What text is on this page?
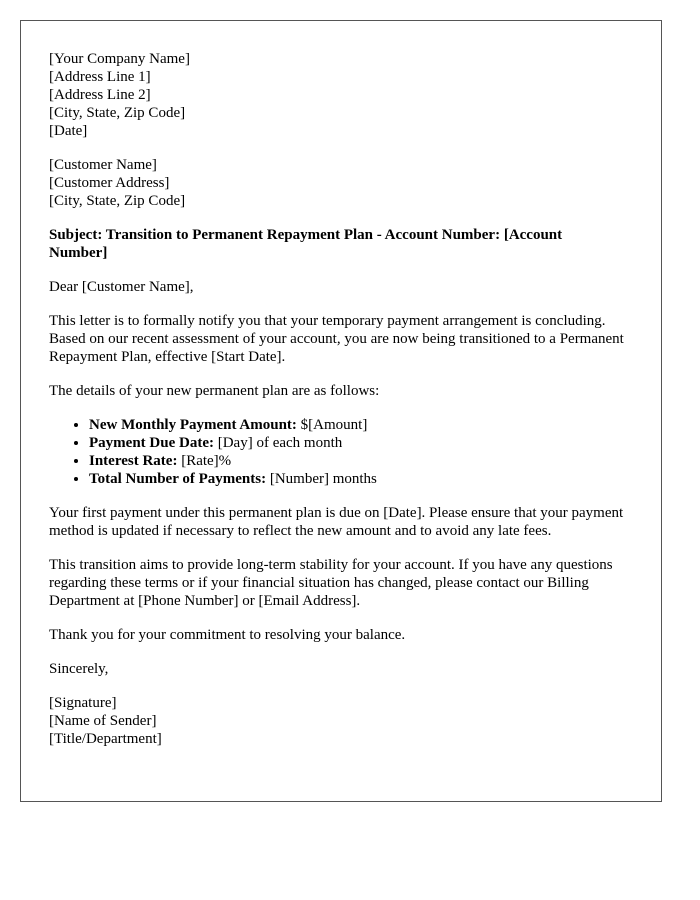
[Your Company Name]
[Address Line 1]
[Address Line 2]
[City, State, Zip Code]
[Date]
[Customer Name]
[Customer Address]
[City, State, Zip Code]
Subject: Transition to Permanent Repayment Plan - Account Number: [Account Number]

Dear [Customer Name],

This letter is to formally notify you that your temporary payment arrangement is concluding. Based on our recent assessment of your account, you are now being transitioned to a Permanent Repayment Plan, effective [Start Date].

The details of your new permanent plan are as follows:

• New Monthly Payment Amount: $[Amount]
• Payment Due Date: [Day] of each month
• Interest Rate: [Rate]%
• Total Number of Payments: [Number] months

Your first payment under this permanent plan is due on [Date]. Please ensure that your payment method is updated if necessary to reflect the new amount and to avoid any late fees.

This transition aims to provide long-term stability for your account. If you have any questions regarding these terms or if your financial situation has changed, please contact our Billing Department at [Phone Number] or [Email Address].

Thank you for your commitment to resolving your balance.

Sincerely,

[Signature]
[Name of Sender]
[Title/Department]
